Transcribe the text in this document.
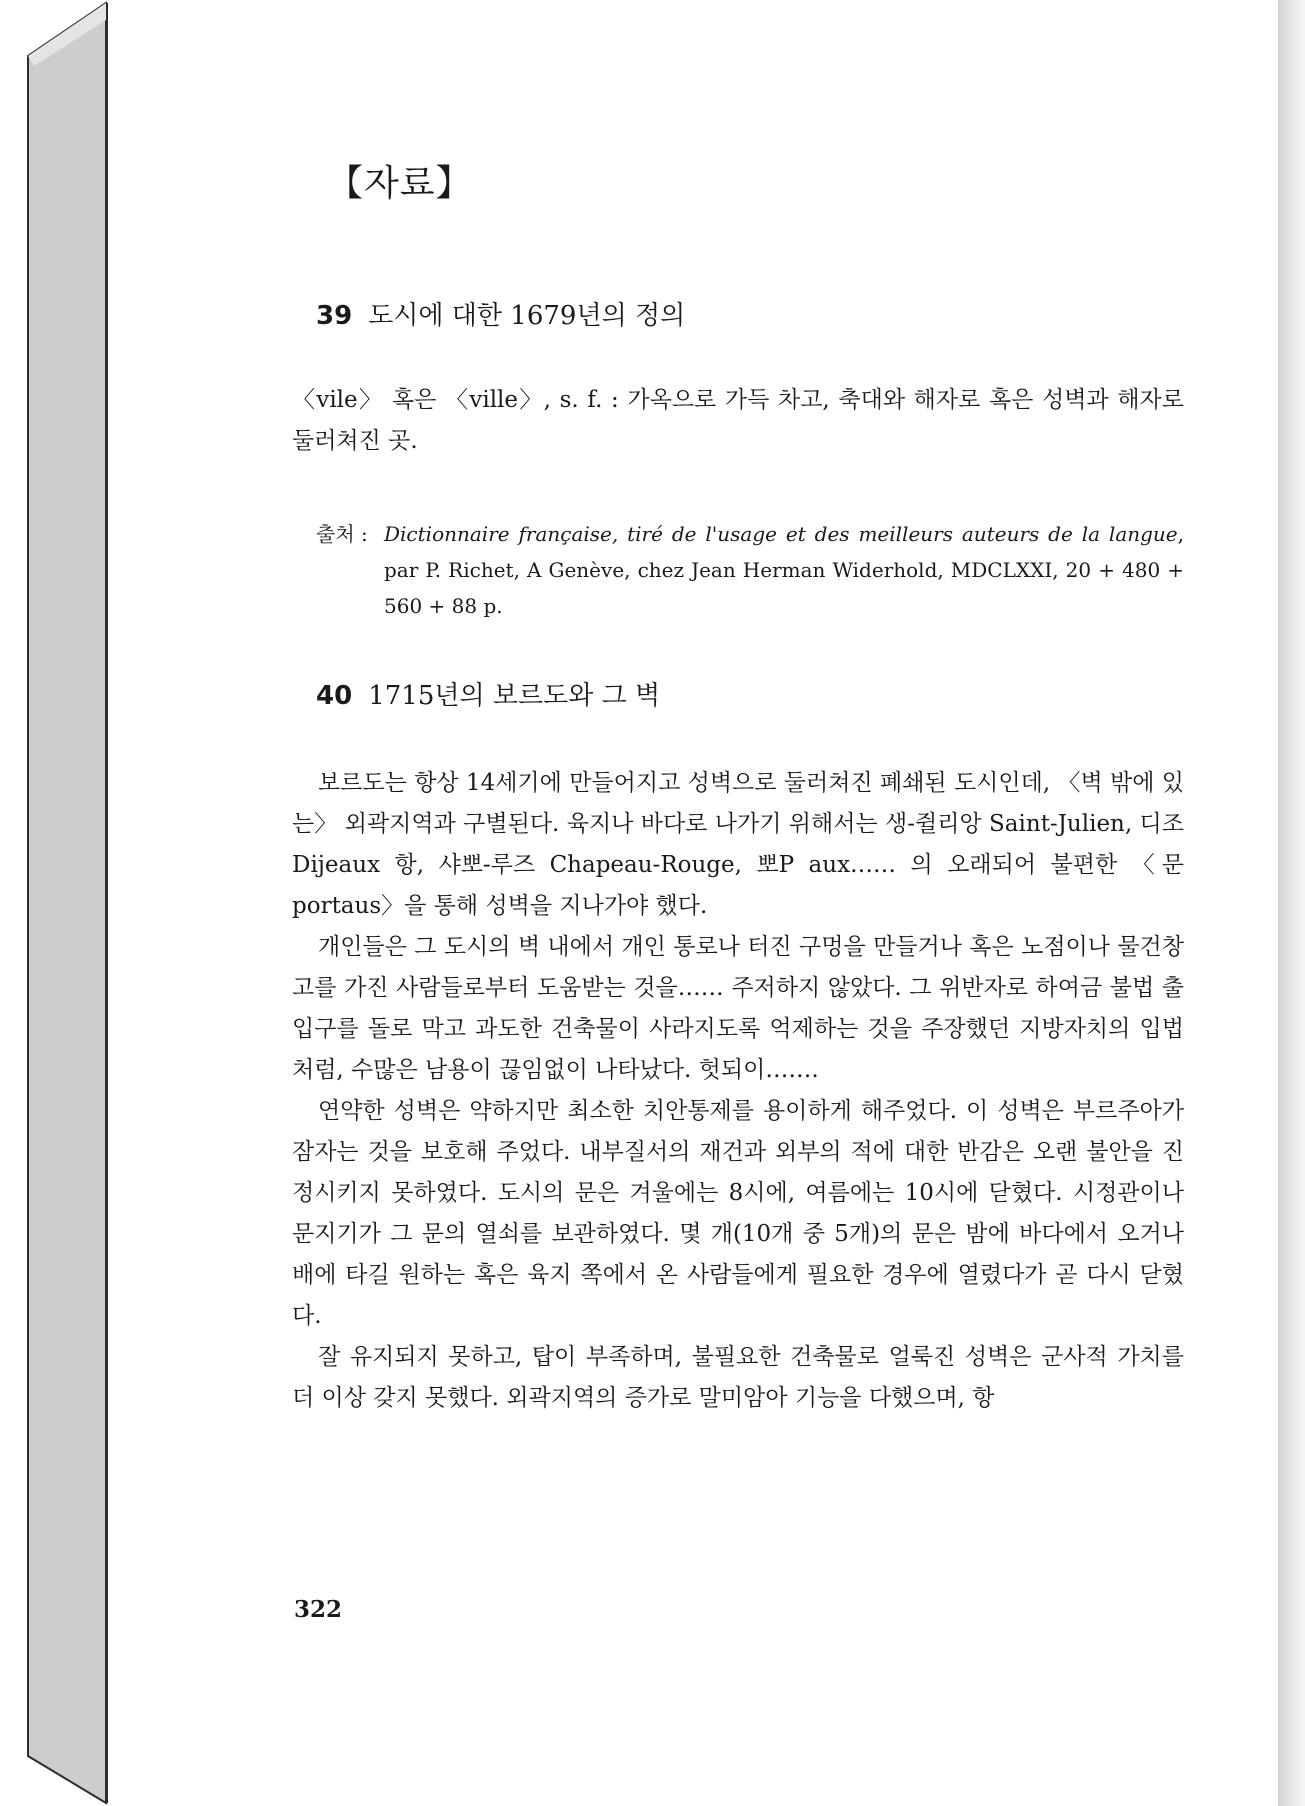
【자료】
39 도시에 대한 1679년의 정의

〈vile〉 혹은 〈ville〉, s. f. : 가옥으로 가득 차고, 축대와 해자로 혹은 성벽과 해자로 둘러쳐진 곳.

출처 : Dictionnaire française, tiré de l'usage et des meilleurs auteurs de la langue, par P. Richet, A Genève, chez Jean Herman Widerhold, MDCLXXI, 20 + 480 + 560 + 88 p.

40 1715년의 보르도와 그 벽

보르도는 항상 14세기에 만들어지고 성벽으로 둘러쳐진 폐쇄된 도시인데, 〈벽 밖에 있는〉 외곽지역과 구별된다. 육지나 바다로 나가기 위해서는 생-쥘리앙 Saint-Julien, 디조 Dijeaux 항, 샤뽀-루즈 Chapeau-Rouge, 뽀P aux…… 의 오래되어 불편한 〈문 portaus〉을 통해 성벽을 지나가야 했다.

개인들은 그 도시의 벽 내에서 개인 통로나 터진 구멍을 만들거나 혹은 노점이나 물건창고를 가진 사람들로부터 도움받는 것을…… 주저하지 않았다. 그 위반자로 하여금 불법 출입구를 돌로 막고 과도한 건축물이 사라지도록 억제하는 것을 주장했던 지방자치의 입법처럼, 수많은 남용이 끊임없이 나타났다. 헛되이…….

연약한 성벽은 약하지만 최소한 치안통제를 용이하게 해주었다. 이 성벽은 부르주아가 잠자는 것을 보호해 주었다. 내부질서의 재건과 외부의 적에 대한 반감은 오랜 불안을 진정시키지 못하였다. 도시의 문은 겨울에는 8시에, 여름에는 10시에 닫혔다. 시정관이나 문지기가 그 문의 열쇠를 보관하였다. 몇 개(10개 중 5개)의 문은 밤에 바다에서 오거나 배에 타길 원하는 혹은 육지 쪽에서 온 사람들에게 필요한 경우에 열렸다가 곧 다시 닫혔다.

잘 유지되지 못하고, 탑이 부족하며, 불필요한 건축물로 얼룩진 성벽은 군사적 가치를 더 이상 갖지 못했다. 외곽지역의 증가로 말미암아 기능을 다했으며, 항

322
